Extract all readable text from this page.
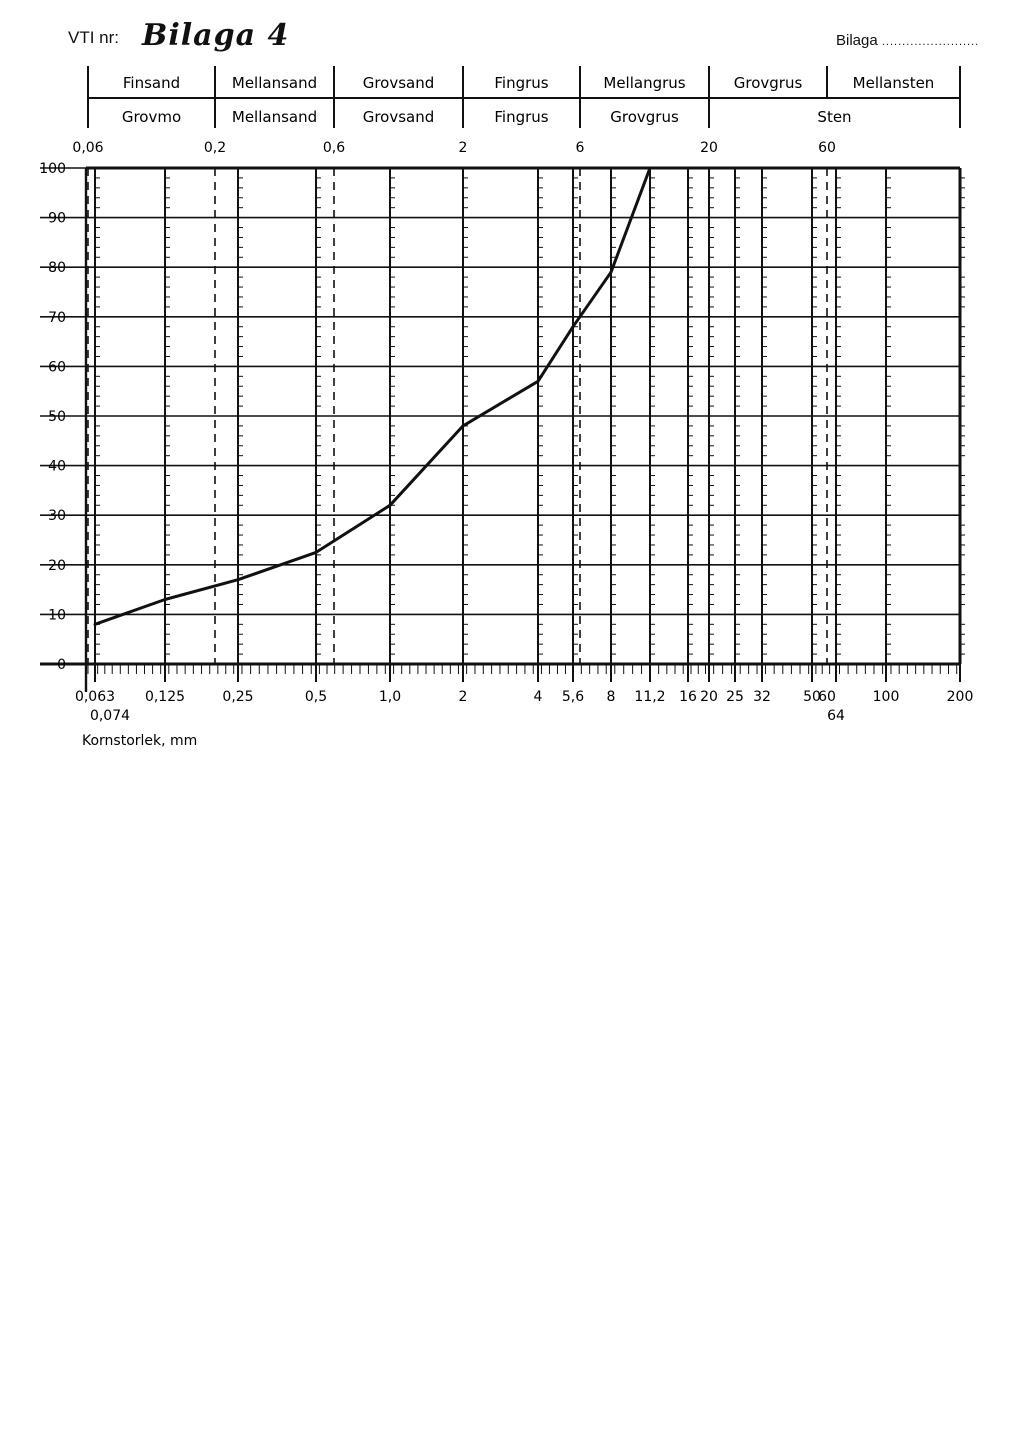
VTI nr: Bilaga 4	Bilaga ........................
Finsand	Mellansand	Grovsand	Fingrus	Mellangrus	Grovgrus	Mellansten
Grovmo	Mellansand	Grovsand	Fingrus	Grovgrus	Sten
0,06	0,2	0,6	2	6	20	60
0,063
0,074
0,125	0,25	0,5	1,0	2	4 5,6 8 11,2 16 20 25 32 50
60
64
100	200
0
10
20
30
40
50
60
70
80
90
100
Kornstorlek, mm
